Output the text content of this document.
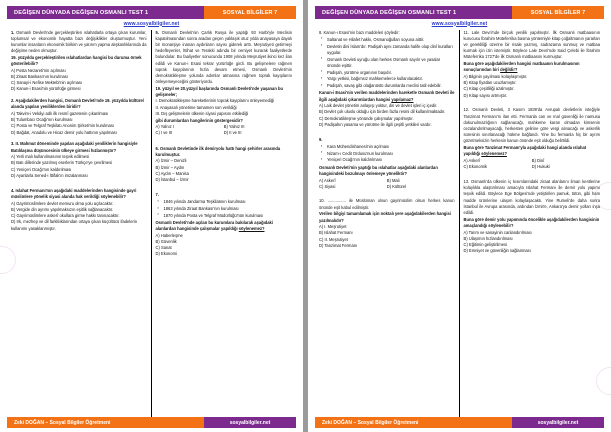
DEĞİŞEN DÜNYADA DEĞİŞEN OSMANLI TEST 1	SOSYAL BİLGİLER 7
www.sosyalbilgiler.net
1. Osmanlı Devleti'nde gerçekleştirilen ıslahatlarla ortaya çıkan kurumlar, toplumsal ve ekonomik hayatta bazı değişiklikler oluşturmuştur. Yeni kurumlar insanların ekonomik birikim ve yatırım yapma alışkanlıklarında da değişime neden olmuştur.
19. yüzyılda gerçekleştirilen ıslahatlardan hangisi bu duruma örnek gösterilebilir?
A) Posta Nezareti'nin açılması
B) Ziraat Bankası'nın kurulması
C) Sanayi-i Nefise Mektebi'nin açılması
D) Kanun-i Esasi'nin yürürlüğe girmesi
2. Aşağıdakilerden hangisi, Osmanlı Devleti'nde 19. yüzyılda kültürel alanda yapılan yeniliklerden biridir?
A) Takvim-i Vekâyi adlı ilk resmî gazetenin çıkarılması
B) Tulumbacı Ocağı'nın kurulması
C) Posta ve Telgraf Teşkilatı Anonim Şirketi'nin kurulması
D) Bağdat, Anadolu ve Hicaz demir yolu hattının yapılması
3. II. Mahmut döneminde yapılan aşağıdaki yeniliklerin hangisiyle Batılılaşma düşüncesinin ülkeye girmesi hızlanmıştır?
A) Yerli malı kullanılmasının teşvik edilmesi
B) Batı dillerinde yazılmış eserlerin Türkçe'ye çevrilmesi
C) Yeniçeri Ocağı'nın kaldırılması
D) Ayanlarla Sened-i İttifak'ın imzalanması
4. Islahat Fermanı'nın aşağıdaki maddelerinden hangisinde gayri müslimlere yönelik siyasi alanda hak verildiği söylenebilir?
A) Gayrimüslimlere devlet memuru olma yolu açılacaktır.
B) Vergide din ayrımı yapılmaksızın eşitlik sağlanacaktır.
C) Gayrimüslimlere askerî okullara girme hakkı tanınacaktır.
D) Irk, mezhep ve dil farklılıklarından ortaya çıkan küçültücü ifadelerin kullanımı yasaklanmıştır.
5. Osmanlı Devleti'nin Çarlık Rusya ile yaptığı 93 Harbi'yle Meclisin kapatılmasından sonra aradan geçen yaklaşık otuz yılda anayasaya dayalı bir monarşiye inanan aydınların sayısı giderek arttı. Meşrutiyeti getirmeyi hedefleyenler, İttihat ve Terakki adında bir cemiyet kurarak faaliyetlerde bulundular. Bu faaliyetler sonucunda 1908 yılında Meşrutiyet ikinci kez ilan edildi ve Kanun-i Esasi tekrar yürürlüğe girdi. Bu gelişmelere rağmen toprak kayıplarının hızla devam etmesi, Osmanlı Devleti'nin demokratikleşme yolunda adımlar atmasına rağmen toprak kayıplarını önleyemeyeceğini gösteriyordu.
19. yüzyıl ve 20.yüzyıl başlarında Osmanlı Devleti'nde yaşanan bu gelişmeler;
I. Demokratikleşme hareketlerinin toprak kayıplarını önleyemediği
II. Anayasalı yönetime tamamen son verildiği
III. Dış gelişmelerin ülkenin siyasi yapısını etkilediği
gibi durumlardan hangilerinin göstergesidir?
A) Yalnız I	B) Yalnız III
C) I ve III	D) II ve III
6. Osmanlı Devletinde ilk demiryolu hattı hangi şehirler arasında kurulmuştur.
A) İzmir – Denizli
B) İzmir – Aydın
C) Aydın – Manisa
D) İstanbul – İzmir
7.
▪ 1846 yılında Jandarma Teşkilatının kurulması
▪ 1863 yılında Ziraat Bankası'nın kurulması
▪ 1870 yılında Posta ve Telgraf Müdürlüğü'nün kurulması
Osmanlı Devleti'nde açılan bu kurumlara bakılarak aşağıdaki alanlardan hangisinde çalışmalar yapıldığı söylenemez?
A) Haberleşme
B) Güvenlik
C) Sanat
D) Ekonomi
Zeki DOĞAN – Sosyal Bilgiler Öğretmeni	sosyalbilgiler.net
DEĞİŞEN DÜNYADA DEĞİŞEN OSMANLI TEST 1	SOSYAL BİLGİLER 7
www.sosyalbilgiler.net
8. Kanun-ı Esasi'nin bazı maddeleri şöyledir:
▪ Saltanat ve Hilafet hakkı, Osmanoğulları soyuna aittir.
▪ Devletin dini İslam'dır. Padişah aynı zamanda halife olup dinî kuralları uygular.
▪ Osmanlı Devleti uyruğu olan herkes Osmanlı sayılır ve yasalar önünde eşittir.
▪ Padişah, yürütme organının başıdır.
▪ Yargı yetkisi, bağımsız mahkemelerce kullanılacaktır.
▪ Padişah, savaş gibi olağanüstü durumlarda meclisi tatil edebilir.
Kanun-i Esasi'nin verilen maddelerinden hareketle Osmanlı Devleti ile ilgili aşağıdaki çıkarımlardan hangisi yapılamaz?
A) Laik devlet yönetim anlayışı yoktur, din ve devlet işleri iç içedir.
B) Devlet çok uluslu olduğu için birden fazla resmi dil kullanılmaktadır.
C) Demokratikleşme yönünde çalışmalar yapılmıştır.
D) Padişahın yasama ve yürütme ile ilgili çeşitli yetkileri vardır.
9.
▪ Kara Mühendishanesi'nin açılması
▪ Nizam-ı Cedit Ordusu'nun kurulması
▪ Yeniçeri Ocağı'nın kaldırılması
Osmanlı Devleti'nin yaptığı bu ıslahatlar aşağıdaki alanlardan hangisindeki bozulmayı önlemeye yöneliktir?
A) Askerî	B) Mali
C) Siyasi	D) Kültürel
10. ................ ile Müslüman olsun gayrimüslim olsun herkes kanun önünde eşit kabul edilmiştir.
Verilen bilgiyi tamamlamak için noktalı yere aşağıdakilerden hangisi yazılmalıdır?
A) I. Meşrutiyet
B) Islahat Fermanı
C) II. Meşrutiyet
D) Tanzimat Fermanı
11. Lale Devri'nde birçok yenilik yapılmıştır. İlk Osmanlı matbaasının kurucusu İbrahim Müteferrika basma yöntemiyle kitap çoğaltmanın yararları ve gerekliliği üzerine bir risale yazmış, sadrazama sunmuş ve matbaa kurmak için izin istemiştir. Böylece Lale Devri'nde Said Çelebi ile İbrahim Müteferrika 1727'de ilk Osmanlı matbaasını kurmuştur.
Buna göre aşağıdakilerden hangisi matbaanın kurulmasının sonuçlarından biri değildir?
A) Bilginin yayılması kolaylaşmıştır.
B) Kitap fiyatları ucuzlamıştır.
C) Kitap çeşitliliği azalmıştır.
D) Kitap sayısı artmıştır.
12. Osmanlı Devleti, 3 Kasım 1839'da Avrupalı devletlerin isteğiyle Tanzimat Fermanı'nı ilan etti. Fermanla can ve mal güvenliği ile namusa dokunulmazlığının sağlanacağı, mahkeme kararı olmadan kimsenin cezalandırılmayacağı, herkesten gelirine göre vergi alınacağı ve askerlik süresinin sınırlanacağı hükme bağlandı. Yine bu fermanla hiç bir ayrım gözetmeksizin herkesin kanun önünde eşit olduğu belirtildi.
Buna göre Tanzimat Fermanı'yla aşağıdaki hangi alanda ıslahat yapıldığı söylenemez?
A) Askerî	B) Dinî
C) Ekonomik	D) Hukuki
13. Osmanlı'da ülkenin iç kısımlarındaki ziraat alanlarını liman kentlerine kolaylıkla ulaştırılması amacıyla Islahat Fermanı ile demir yolu yapımı teşvik edildi. Böylece Ege Bölgesi'nde yetiştirilen pamuk, tütün, gibi ham madde ürünlerine ulaşım kolaylaşacaktı. Yine Rumeli'de daha sonra İstanbul ile Avrupa arasında, ardından İzmit'e, Ankara'ya demir yolları inşa edildi.
Buna göre demir yolu yapımında öncelikle aşağıdakilerden hangisinin amaçlandığı söylenebilir?
A) Tarım ve sanayinin canlandırılması
B) Ulaşımın hızlandırılması
C) Eğitimin geliştirilmesi
D) Emniyet ve güvenliğin sağlanması
Zeki DOĞAN – Sosyal Bilgiler Öğretmeni	sosyalbilgiler.net
